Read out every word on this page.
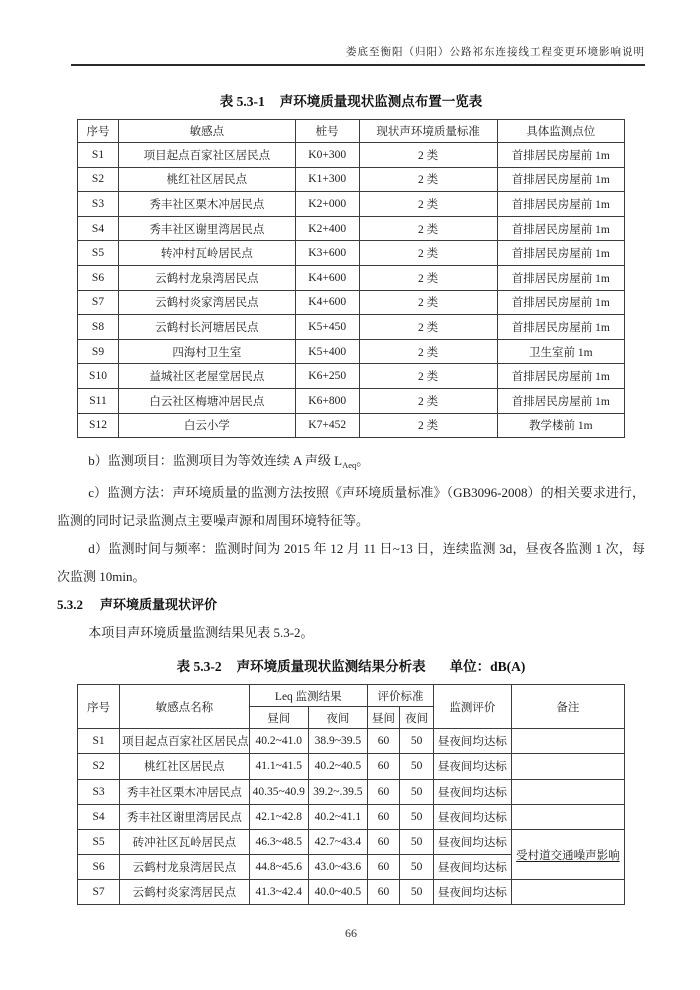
娄底至衡阳（归阳）公路祁东连接线工程变更环境影响说明
表 5.3-1 声环境质量现状监测点布置一览表
序号	敏感点	桩号	现状声环境质量标准	具体监测点位
S1	项目起点百家社区居民点	K0+300	2 类	首排居民房屋前 1m
S2	桃红社区居民点	K1+300	2 类	首排居民房屋前 1m
S3	秀丰社区栗木冲居民点	K2+000	2 类	首排居民房屋前 1m
S4	秀丰社区谢里湾居民点	K2+400	2 类	首排居民房屋前 1m
S5	转冲村瓦岭居民点	K3+600	2 类	首排居民房屋前 1m
S6	云鹤村龙泉湾居民点	K4+600	2 类	首排居民房屋前 1m
S7	云鹤村炎家湾居民点	K4+600	2 类	首排居民房屋前 1m
S8	云鹤村长河塘居民点	K5+450	2 类	首排居民房屋前 1m
S9	四海村卫生室	K5+400	2 类	卫生室前 1m
S10	益城社区老屋堂居民点	K6+250	2 类	首排居民房屋前 1m
S11	白云社区梅塘冲居民点	K6+800	2 类	首排居民房屋前 1m
S12	白云小学	K7+452	2 类	教学楼前 1m

b）监测项目：监测项目为等效连续 A 声级 $L_{Aeq}$。

c）监测方法：声环境质量的监测方法按照《声环境质量标准》（GB3096-2008）的相关要求进行，监测的同时记录监测点主要噪声源和周围环境特征等。

d）监测时间与频率：监测时间为 2015 年 12 月 11 日~13 日，连续监测 3d，昼夜各监测 1 次，每次监测 10min。

5.3.2 声环境质量现状评价

本项目声环境质量监测结果见表 5.3-2。

表 5.3-2 声环境质量现状监测结果分析表 单位：dB(A)
序号	敏感点名称	Leq 监测结果		评价标准		监测评价	备注
		昼间	夜间	昼间	夜间		
S1	项目起点百家社区居民点	40.2~41.0	38.9~39.5	60	50	昼夜间均达标	
S2	桃红社区居民点	41.1~41.5	40.2~40.5	60	50	昼夜间均达标	
S3	秀丰社区栗木冲居民点	40.35~40.9	39.2~.39.5	60	50	昼夜间均达标	
S4	秀丰社区谢里湾居民点	42.1~42.8	40.2~41.1	60	50	昼夜间均达标	
S5	砖冲社区瓦岭居民点	46.3~48.5	42.7~43.4	60	50	昼夜间均达标	受村道交通噪声影响
S6	云鹤村龙泉湾居民点	44.8~45.6	43.0~43.6	60	50	昼夜间均达标	
S7	云鹤村炎家湾居民点	41.3~42.4	40.0~40.5	60	50	昼夜间均达标	
66
